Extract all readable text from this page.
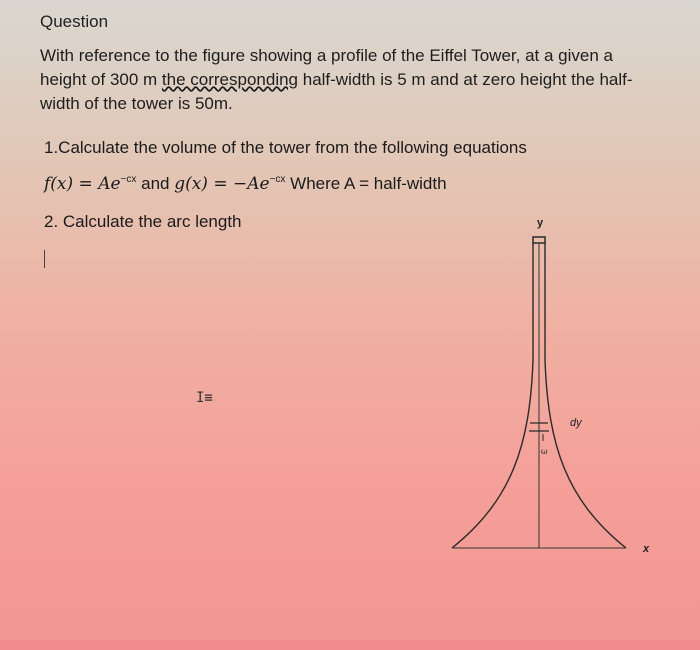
Question
With reference to the figure showing a profile of the Eiffel Tower, at a given a
height of 300 m the corresponding half-width is 5 m and at zero height the half-
width of the tower is 50m.
1.Calculate the volume of the tower from the following equations
$f(x) = Ae^{-cx}$ and $g(x) = -Ae^{-cx}$ Where A = half-width
2. Calculate the arc length
I≡
y
dy
ω
x
